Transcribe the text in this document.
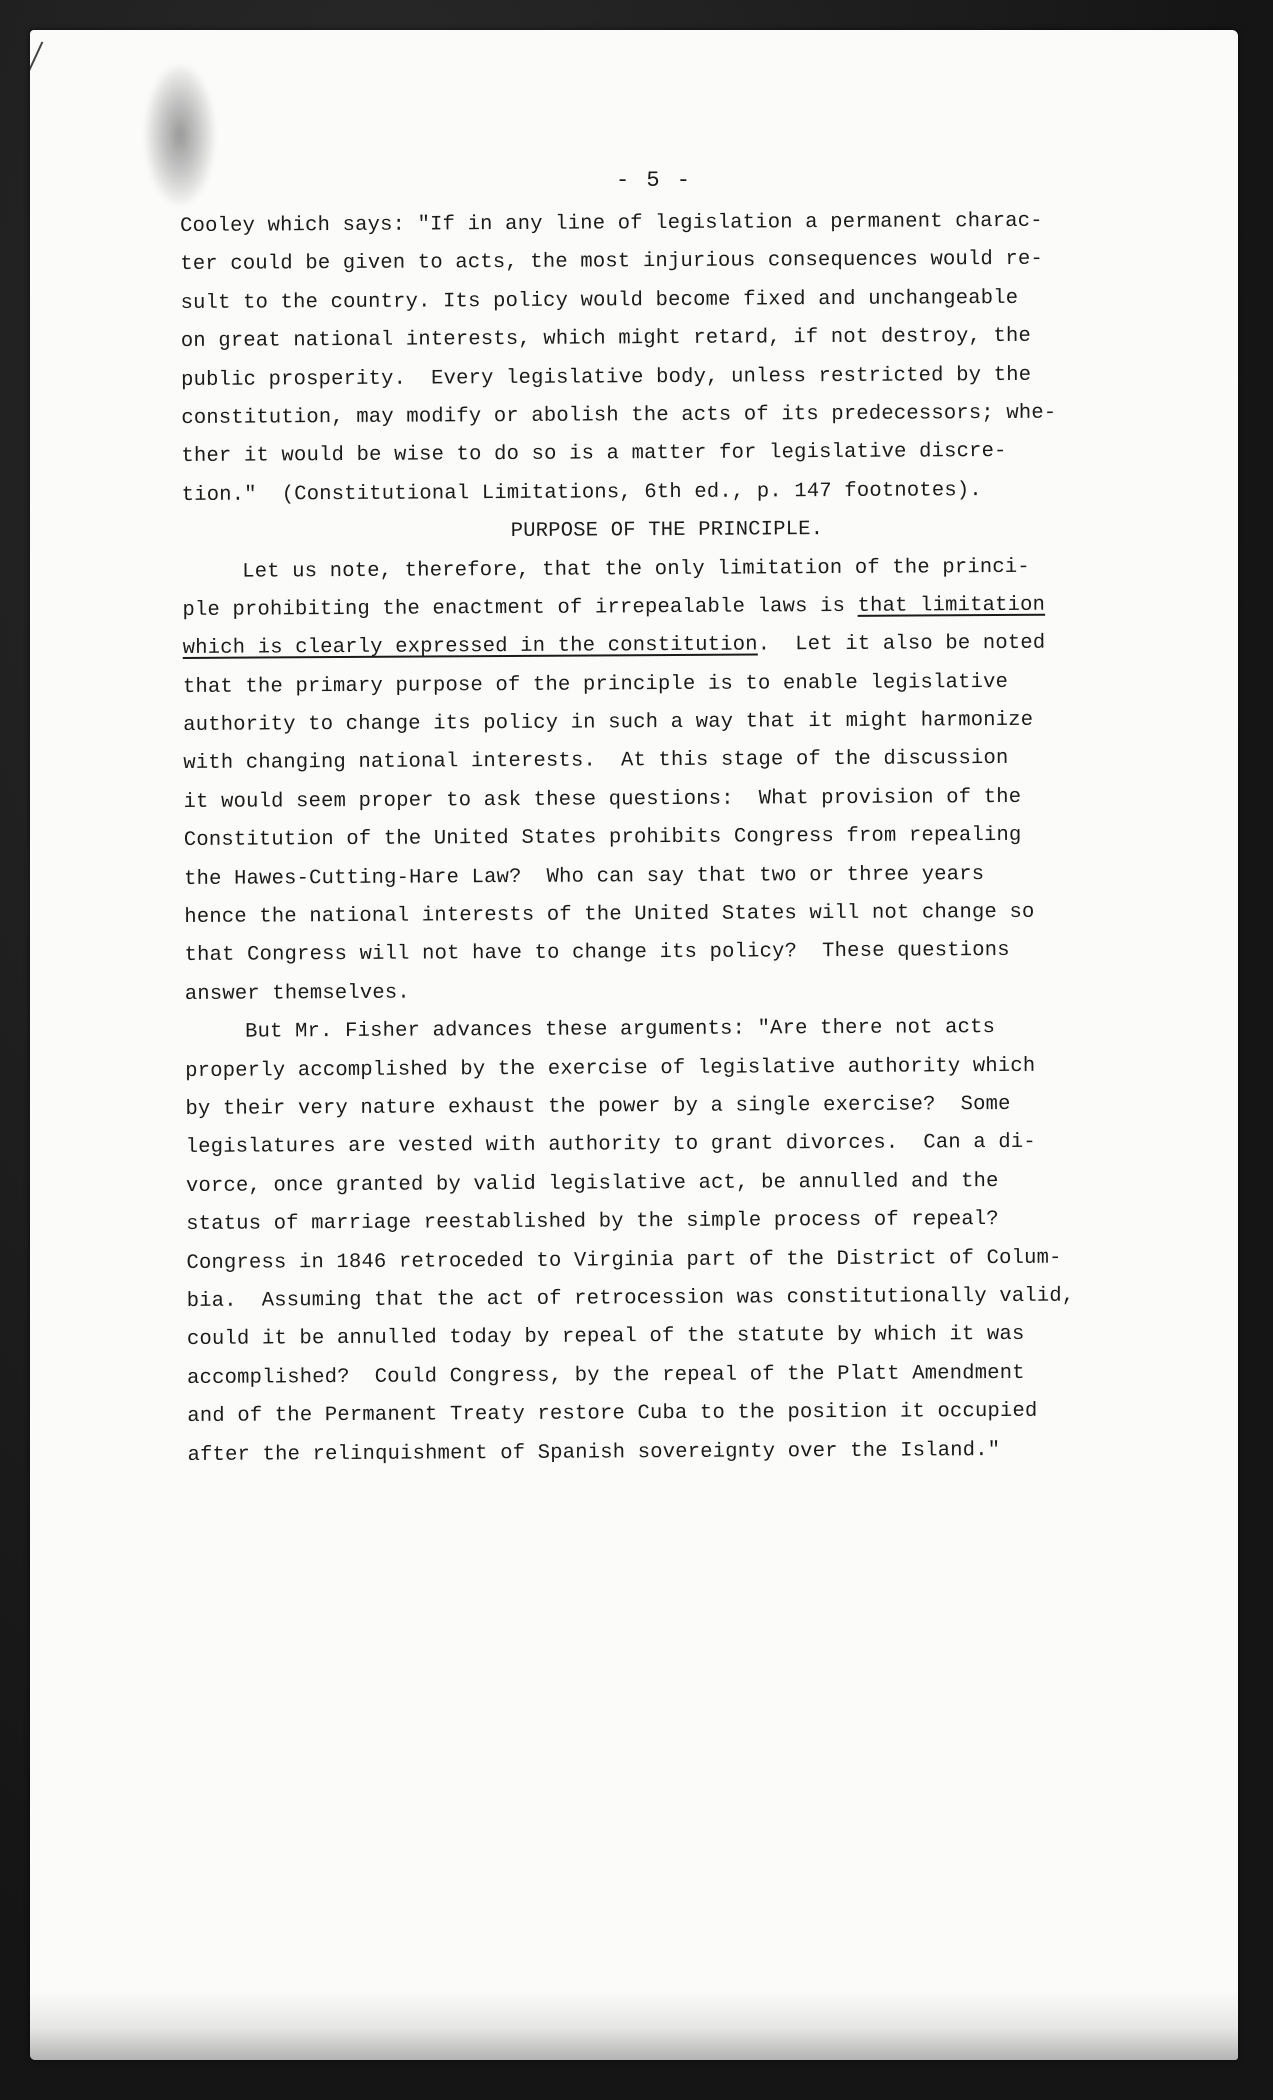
- 5 -
Cooley which says: "If in any line of legislation a permanent charac-
ter could be given to acts, the most injurious consequences would re-
sult to the country. Its policy would become fixed and unchangeable
on great national interests, which might retard, if not destroy, the
public prosperity.  Every legislative body, unless restricted by the
constitution, may modify or abolish the acts of its predecessors; whe-
ther it would be wise to do so is a matter for legislative discre-
tion."  (Constitutional Limitations, 6th ed., p. 147 footnotes).
PURPOSE OF THE PRINCIPLE.
Let us note, therefore, that the only limitation of the princi-
ple prohibiting the enactment of irrepealable laws is that limitation
which is clearly expressed in the constitution.  Let it also be noted
that the primary purpose of the principle is to enable legislative
authority to change its policy in such a way that it might harmonize
with changing national interests.  At this stage of the discussion
it would seem proper to ask these questions:  What provision of the
Constitution of the United States prohibits Congress from repealing
the Hawes-Cutting-Hare Law?  Who can say that two or three years
hence the national interests of the United States will not change so
that Congress will not have to change its policy?  These questions
answer themselves.
But Mr. Fisher advances these arguments: "Are there not acts
properly accomplished by the exercise of legislative authority which
by their very nature exhaust the power by a single exercise?  Some
legislatures are vested with authority to grant divorces.  Can a di-
vorce, once granted by valid legislative act, be annulled and the
status of marriage reestablished by the simple process of repeal?
Congress in 1846 retroceded to Virginia part of the District of Colum-
bia.  Assuming that the act of retrocession was constitutionally valid,
could it be annulled today by repeal of the statute by which it was
accomplished?  Could Congress, by the repeal of the Platt Amendment
and of the Permanent Treaty restore Cuba to the position it occupied
after the relinquishment of Spanish sovereignty over the Island."
